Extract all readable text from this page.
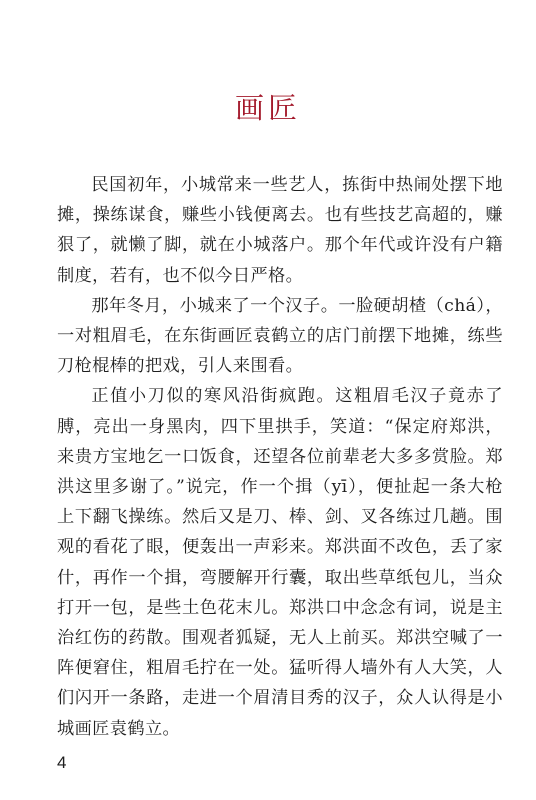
画匠

民国初年，小城常来一些艺人，拣街中热闹处摆下地摊，操练谋食，赚些小钱便离去。也有些技艺高超的，赚狠了，就懒了脚，就在小城落户。那个年代或许没有户籍制度，若有，也不似今日严格。

那年冬月，小城来了一个汉子。一脸硬胡楂（chá），一对粗眉毛，在东街画匠袁鹤立的店门前摆下地摊，练些刀枪棍棒的把戏，引人来围看。

正值小刀似的寒风沿街疯跑。这粗眉毛汉子竟赤了膊，亮出一身黑肉，四下里拱手，笑道：“保定府郑洪，来贵方宝地乞一口饭食，还望各位前辈老大多多赏脸。郑洪这里多谢了。”说完，作一个揖（yī），便扯起一条大枪上下翻飞操练。然后又是刀、棒、剑、叉各练过几趟。围观的看花了眼，便轰出一声彩来。郑洪面不改色，丢了家什，再作一个揖，弯腰解开行囊，取出些草纸包儿，当众打开一包，是些土色花末儿。郑洪口中念念有词，说是主治红伤的药散。围观者狐疑，无人上前买。郑洪空喊了一阵便窘住，粗眉毛拧在一处。猛听得人墙外有人大笑，人们闪开一条路，走进一个眉清目秀的汉子，众人认得是小城画匠袁鹤立。

4
